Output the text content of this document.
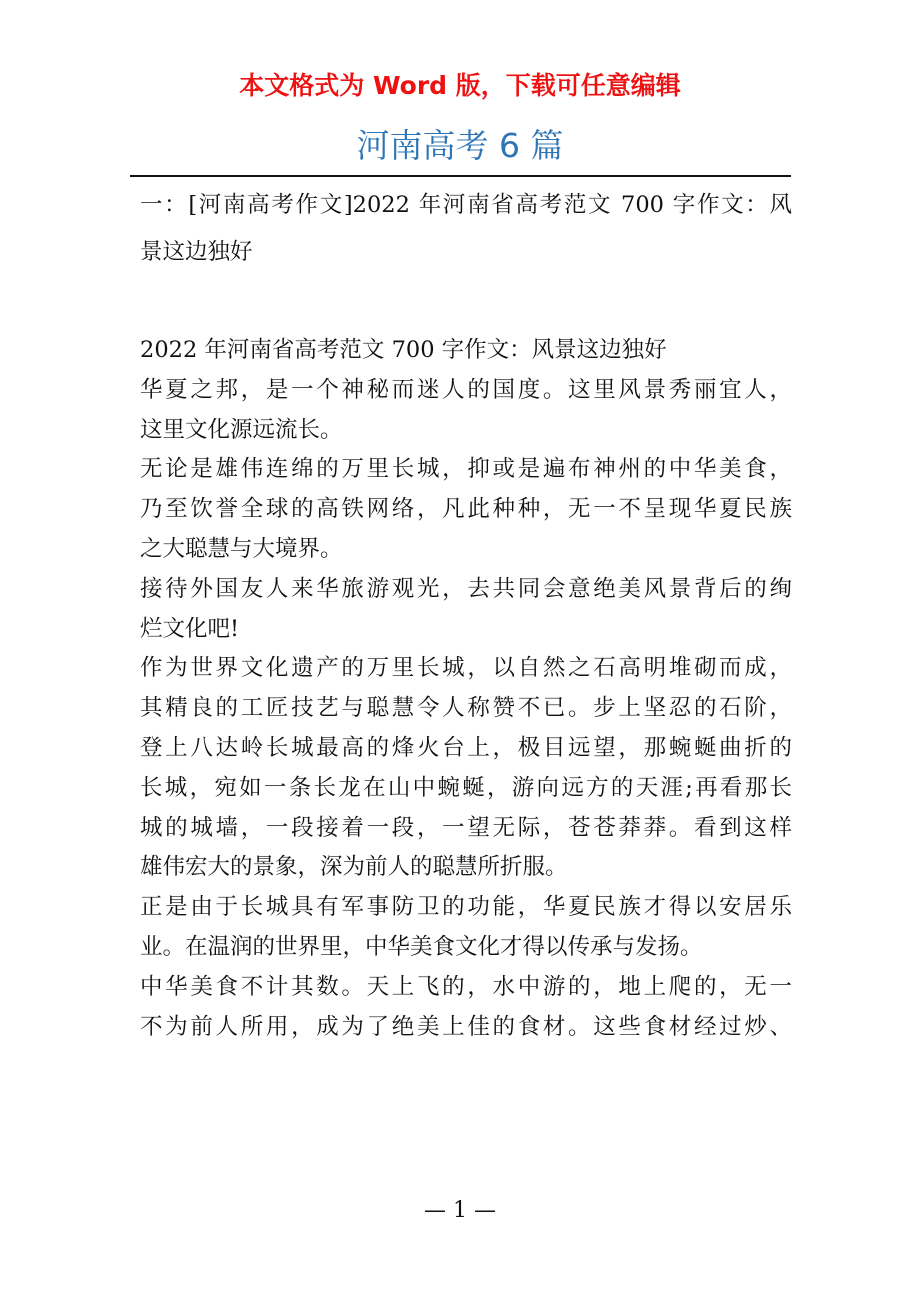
本文格式为 Word 版，下载可任意编辑
河南高考 6 篇
一：[河南高考作文]2022 年河南省高考范文 700 字作文：风
景这边独好
2022 年河南省高考范文 700 字作文：风景这边独好
华夏之邦，是一个神秘而迷人的国度。这里风景秀丽宜人，
这里文化源远流长。
无论是雄伟连绵的万里长城，抑或是遍布神州的中华美食，
乃至饮誉全球的高铁网络，凡此种种，无一不呈现华夏民族
之大聪慧与大境界。
接待外国友人来华旅游观光，去共同会意绝美风景背后的绚
烂文化吧!
作为世界文化遗产的万里长城，以自然之石高明堆砌而成，
其精良的工匠技艺与聪慧令人称赞不已。步上坚忍的石阶，
登上八达岭长城最高的烽火台上，极目远望，那蜿蜒曲折的
长城，宛如一条长龙在山中蜿蜒，游向远方的天涯;再看那长
城的城墙，一段接着一段，一望无际，苍苍莽莽。看到这样
雄伟宏大的景象，深为前人的聪慧所折服。
正是由于长城具有军事防卫的功能，华夏民族才得以安居乐
业。在温润的世界里，中华美食文化才得以传承与发扬。
中华美食不计其数。天上飞的，水中游的，地上爬的，无一
不为前人所用，成为了绝美上佳的食材。这些食材经过炒、
— 1 —
